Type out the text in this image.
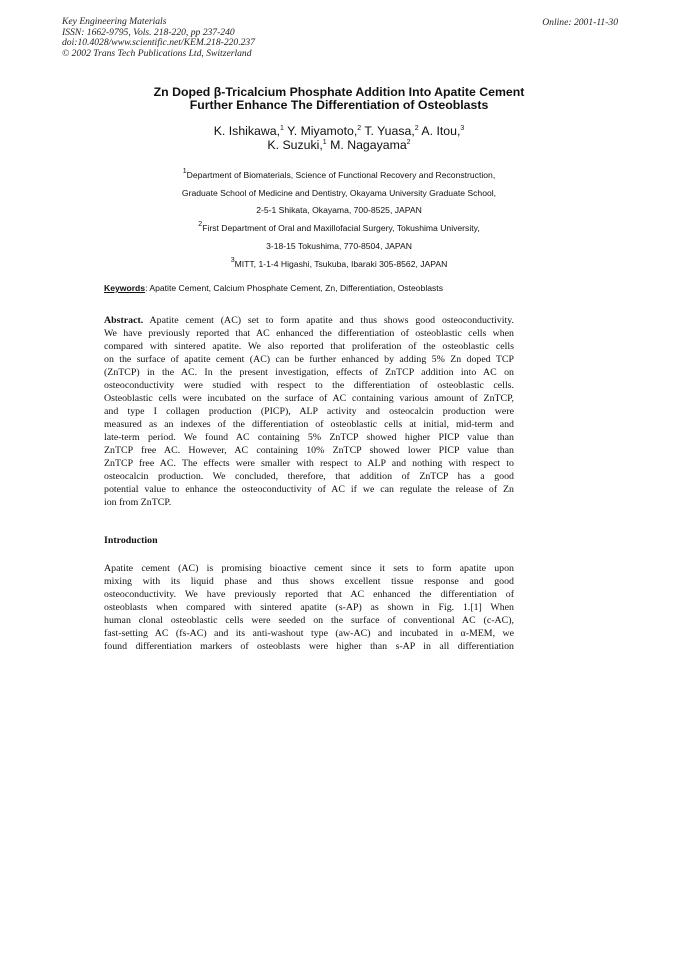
Key Engineering Materials
ISSN: 1662-9795, Vols. 218-220, pp 237-240
doi:10.4028/www.scientific.net/KEM.218-220.237
© 2002 Trans Tech Publications Ltd, Switzerland
Online: 2001-11-30
Zn Doped β-Tricalcium Phosphate Addition Into Apatite Cement
Further Enhance The Differentiation of Osteoblasts
K. Ishikawa,$^1$ Y. Miyamoto,$^2$ T. Yuasa,$^2$ A. Itou,$^3$
K. Suzuki,$^1$ M. Nagayama$^2$
$^1$Department of Biomaterials, Science of Functional Recovery and Reconstruction,
Graduate School of Medicine and Dentistry, Okayama University Graduate School,
2-5-1 Shikata, Okayama, 700-8525, JAPAN
$^2$First Department of Oral and Maxillofacial Surgery, Tokushima University,
3-18-15 Tokushima, 770-8504, JAPAN
$^3$MITT, 1-1-4 Higashi, Tsukuba, Ibaraki 305-8562, JAPAN
Keywords: Apatite Cement, Calcium Phosphate Cement, Zn, Differentiation, Osteoblasts
Abstract. Apatite cement (AC) set to form apatite and thus shows good osteoconductivity.
We have previously reported that AC enhanced the differentiation of osteoblastic cells when
compared with sintered apatite. We also reported that proliferation of the osteoblastic cells
on the surface of apatite cement (AC) can be further enhanced by adding 5% Zn doped TCP
(ZnTCP) in the AC. In the present investigation, effects of ZnTCP addition into AC on
osteoconductivity were studied with respect to the differentiation of osteoblastic cells.
Osteoblastic cells were incubated on the surface of AC containing various amount of ZnTCP,
and type I collagen production (PICP), ALP activity and osteocalcin production were
measured as an indexes of the differentiation of osteoblastic cells at initial, mid-term and
late-term period. We found AC containing 5% ZnTCP showed higher PICP value than
ZnTCP free AC. However, AC containing 10% ZnTCP showed lower PICP value than
ZnTCP free AC. The effects were smaller with respect to ALP and nothing with respect to
osteocalcin production. We concluded, therefore, that addition of ZnTCP has a good
potential value to enhance the osteoconductivity of AC if we can regulate the release of Zn
ion from ZnTCP.
Introduction
Apatite cement (AC) is promising bioactive cement since it sets to form apatite upon
mixing with its liquid phase and thus shows excellent tissue response and good
osteoconductivity. We have previously reported that AC enhanced the differentiation of
osteoblasts when compared with sintered apatite (s-AP) as shown in Fig. 1.[1] When
human clonal osteoblastic cells were seeded on the surface of conventional AC (c-AC),
fast-setting AC (fs-AC) and its anti-washout type (aw-AC) and incubated in α-MEM, we
found differentiation markers of osteoblasts were higher than s-AP in all differentiation
